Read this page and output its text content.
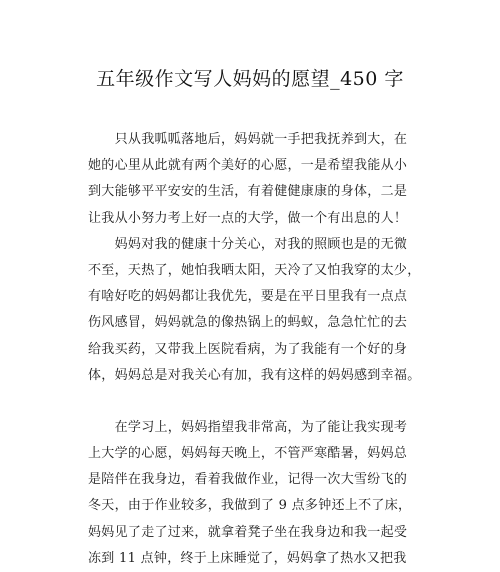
五年级作文写人妈妈的愿望_450 字
　　只从我呱呱落地后，妈妈就一手把我抚养到大，在
她的心里从此就有两个美好的心愿，一是希望我能从小
到大能够平平安安的生活，有着健健康康的身体，二是
让我从小努力考上好一点的大学，做一个有出息的人！
　　妈妈对我的健康十分关心，对我的照顾也是的无微
不至，天热了，她怕我晒太阳，天冷了又怕我穿的太少，
有啥好吃的妈妈都让我优先，要是在平日里我有一点点
伤风感冒，妈妈就急的像热锅上的蚂蚁，急急忙忙的去
给我买药，又带我上医院看病，为了我能有一个好的身
体，妈妈总是对我关心有加，我有这样的妈妈感到幸福。
　　在学习上，妈妈指望我非常高，为了能让我实现考
上大学的心愿，妈妈每天晚上，不管严寒酷暑，妈妈总
是陪伴在我身边，看着我做作业，记得一次大雪纷飞的
冬天，由于作业较多，我做到了 9 点多钟还上不了床，
妈妈见了走了过来，就拿着凳子坐在我身边和我一起受
冻到 11 点钟，终于上床睡觉了，妈妈拿了热水又把我
